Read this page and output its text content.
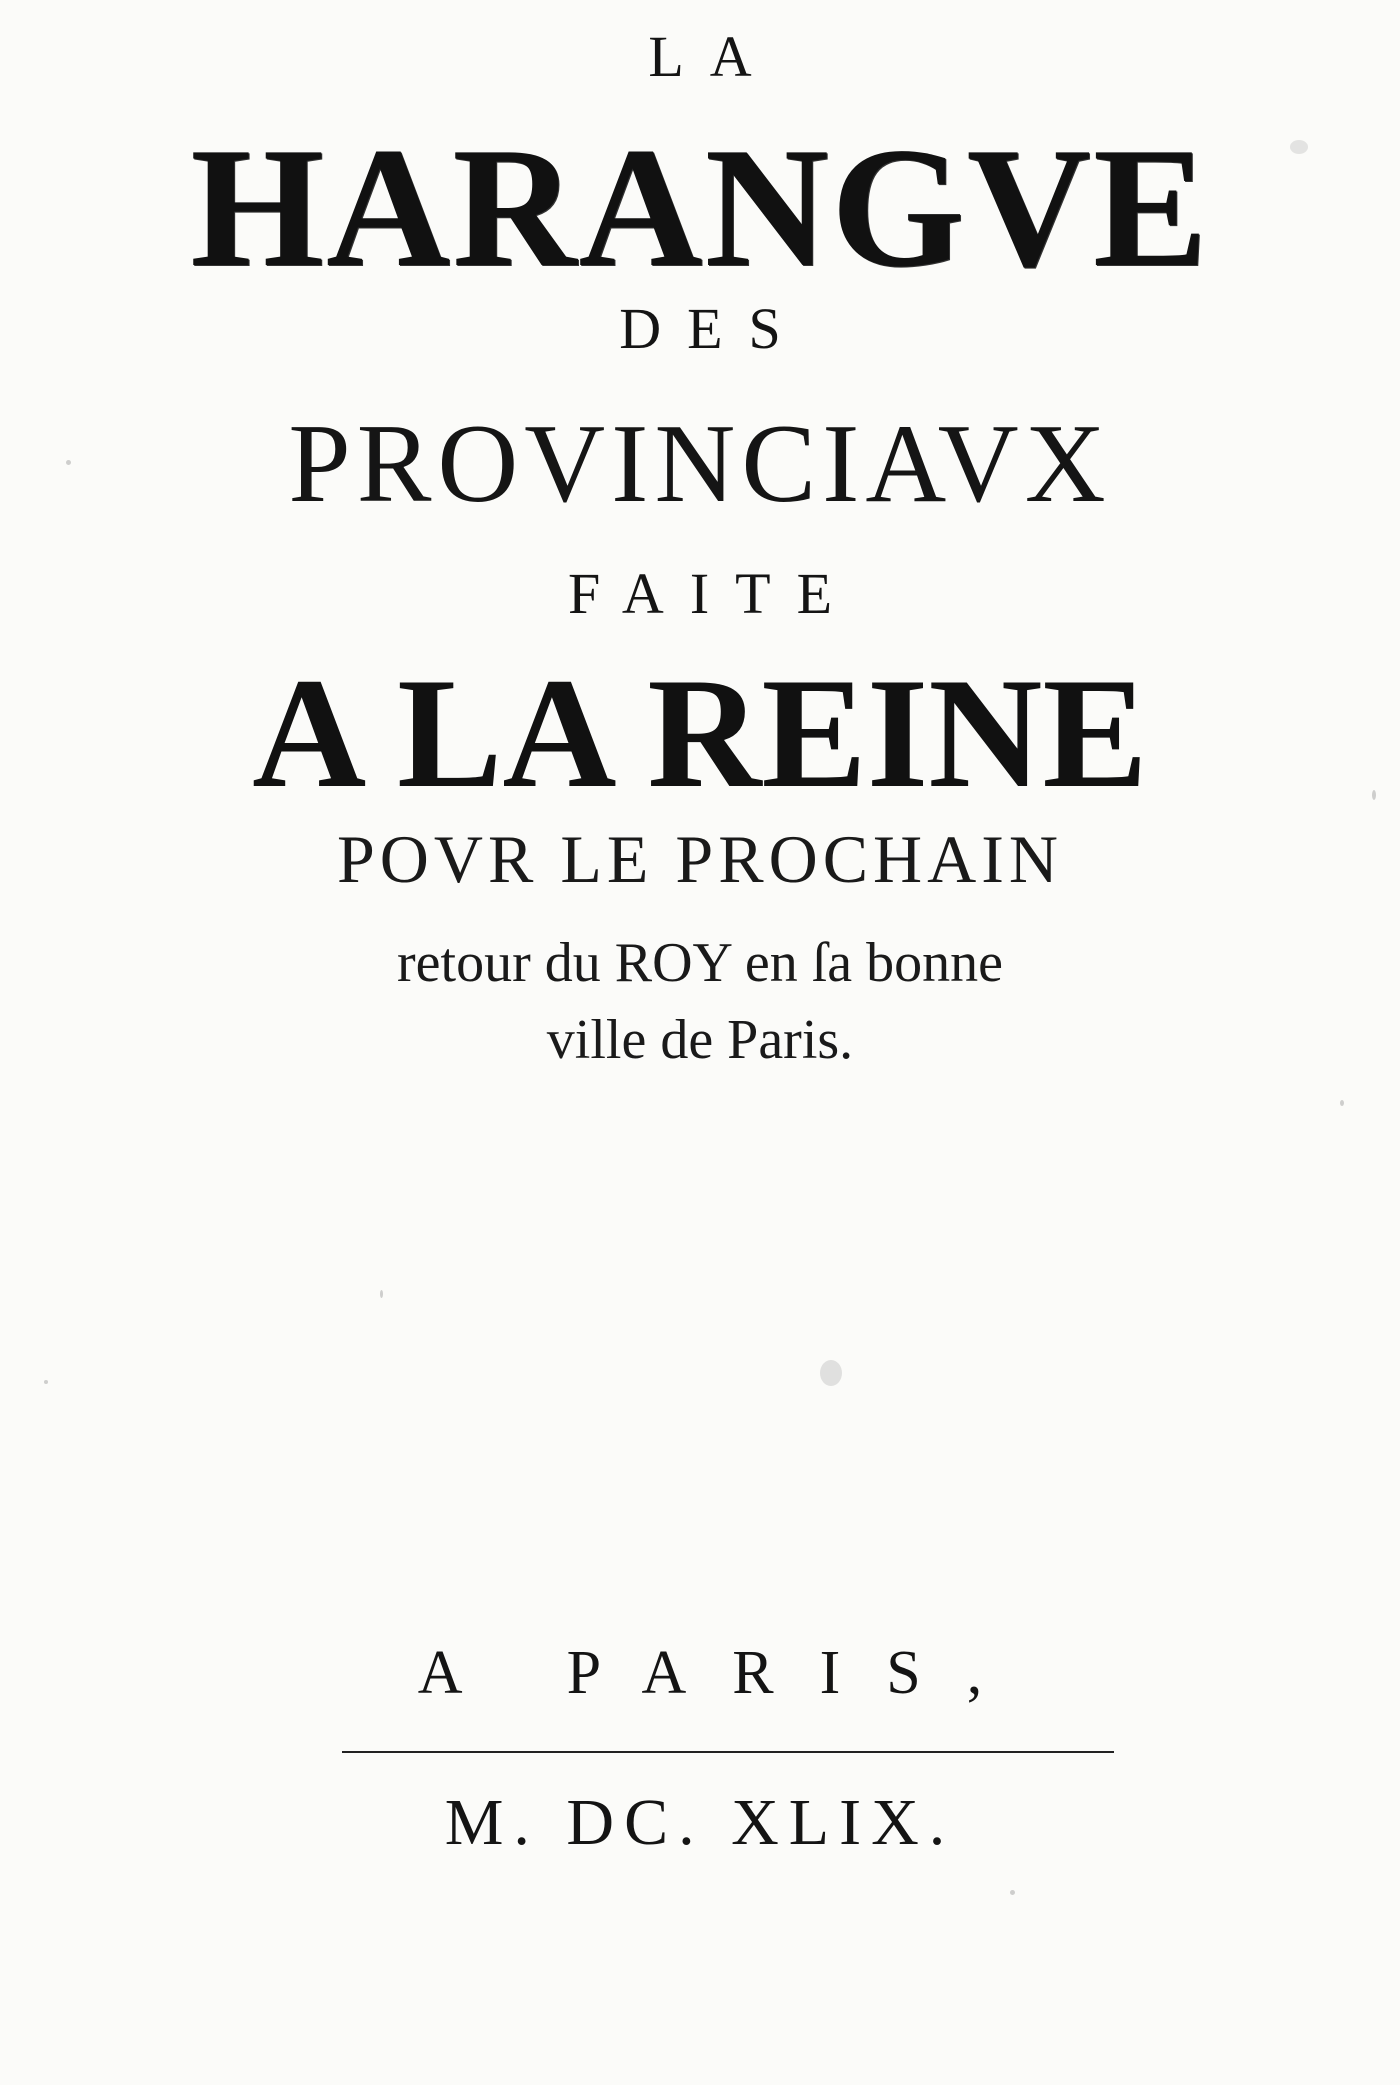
LA
HARANGVE
DES
PROVINCIAVX
FAITE
A LA REINE
POVR LE PROCHAIN
retour du ROY en ſa bonne
ville de Paris.
A PARIS,
M. DC. XLIX.
